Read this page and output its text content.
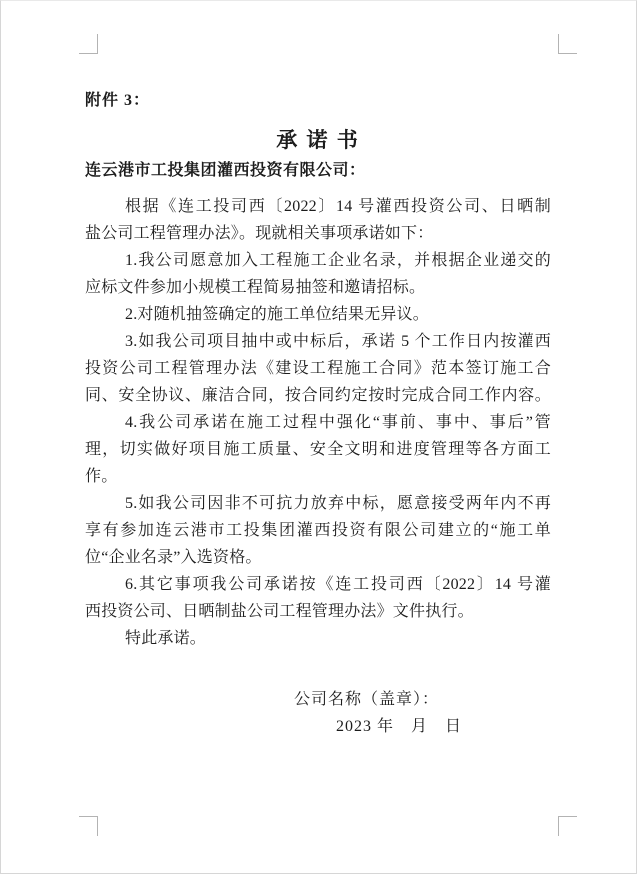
附件 3：
承 诺 书
连云港市工投集团灌西投资有限公司：
根据《连工投司西〔2022〕14 号灌西投资公司、日晒制
盐公司工程管理办法》。现就相关事项承诺如下：
1.我公司愿意加入工程施工企业名录，并根据企业递交的
应标文件参加小规模工程简易抽签和邀请招标。
2.对随机抽签确定的施工单位结果无异议。
3.如我公司项目抽中或中标后，承诺 5 个工作日内按灌西
投资公司工程管理办法《建设工程施工合同》范本签订施工合
同、安全协议、廉洁合同，按合同约定按时完成合同工作内容。
4.我公司承诺在施工过程中强化“事前、事中、事后”管
理，切实做好项目施工质量、安全文明和进度管理等各方面工
作。
5.如我公司因非不可抗力放弃中标，愿意接受两年内不再
享有参加连云港市工投集团灌西投资有限公司建立的“施工单
位“企业名录”入选资格。
6.其它事项我公司承诺按《连工投司西〔2022〕14 号灌
西投资公司、日晒制盐公司工程管理办法》文件执行。
特此承诺。
公司名称（盖章）：
2023 年　月　日
